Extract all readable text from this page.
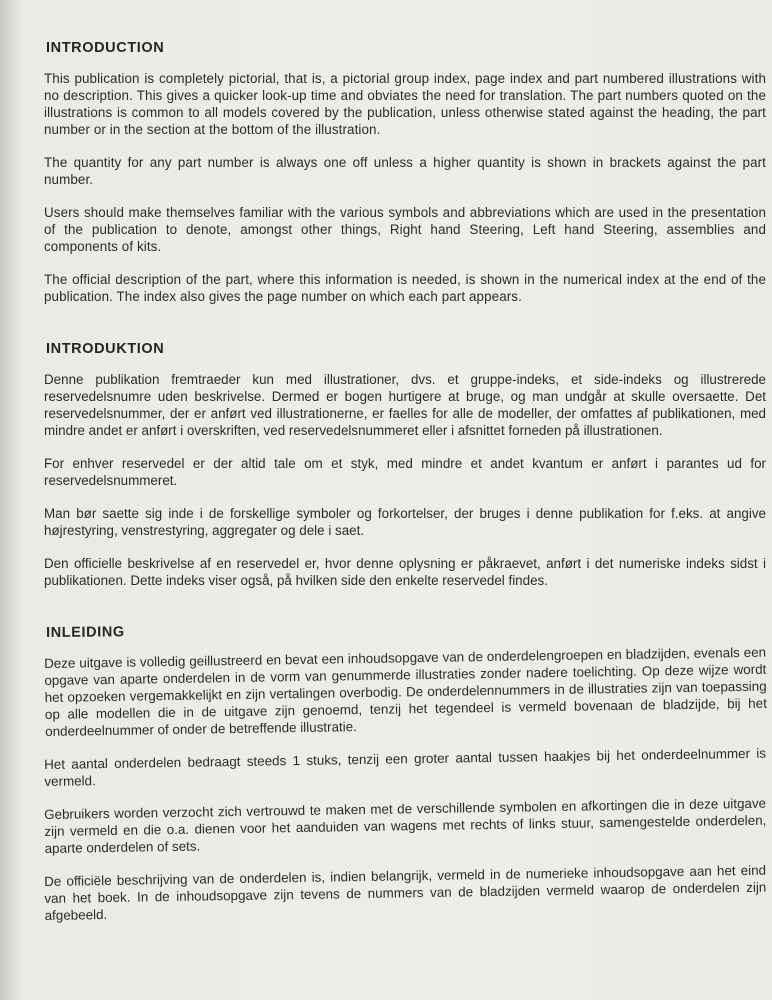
INTRODUCTION

This publication is completely pictorial, that is, a pictorial group index, page index and part numbered illustrations with no description. This gives a quicker look-up time and obviates the need for translation. The part numbers quoted on the illustrations is common to all models covered by the publication, unless otherwise stated against the heading, the part number or in the section at the bottom of the illustration.

The quantity for any part number is always one off unless a higher quantity is shown in brackets against the part number.

Users should make themselves familiar with the various symbols and abbreviations which are used in the presentation of the publication to denote, amongst other things, Right hand Steering, Left hand Steering, assemblies and components of kits.

The official description of the part, where this information is needed, is shown in the numerical index at the end of the publication. The index also gives the page number on which each part appears.

INTRODUKTION

Denne publikation fremtraeder kun med illustrationer, dvs. et gruppe-indeks, et side-indeks og illustrerede reservedelsnumre uden beskrivelse. Dermed er bogen hurtigere at bruge, og man undgår at skulle oversaette. Det reservedelsnummer, der er anført ved illustrationerne, er faelles for alle de modeller, der omfattes af publikationen, med mindre andet er anført i overskriften, ved reservedelsnummeret eller i afsnittet forneden på illustrationen.

For enhver reservedel er der altid tale om et styk, med mindre et andet kvantum er anført i parantes ud for reservedelsnummeret.

Man bør saette sig inde i de forskellige symboler og forkortelser, der bruges i denne publikation for f.eks. at angive højrestyring, venstrestyring, aggregater og dele i saet.

Den officielle beskrivelse af en reservedel er, hvor denne oplysning er påkraevet, anført i det numeriske indeks sidst i publikationen. Dette indeks viser også, på hvilken side den enkelte reservedel findes.

INLEIDING

Deze uitgave is volledig geillustreerd en bevat een inhoudsopgave van de onderdelengroepen en bladzijden, evenals een opgave van aparte onderdelen in de vorm van genummerde illustraties zonder nadere toelichting. Op deze wijze wordt het opzoeken vergemakkelijkt en zijn vertalingen overbodig. De onderdelennummers in de illustraties zijn van toepassing op alle modellen die in de uitgave zijn genoemd, tenzij het tegendeel is vermeld bovenaan de bladzijde, bij het onderdeelnummer of onder de betreffende illustratie.

Het aantal onderdelen bedraagt steeds 1 stuks, tenzij een groter aantal tussen haakjes bij het onderdeelnummer is vermeld.

Gebruikers worden verzocht zich vertrouwd te maken met de verschillende symbolen en afkortingen die in deze uitgave zijn vermeld en die o.a. dienen voor het aanduiden van wagens met rechts of links stuur, samengestelde onderdelen, aparte onderdelen of sets.

De officiële beschrijving van de onderdelen is, indien belangrijk, vermeld in de numerieke inhoudsopgave aan het eind van het boek. In de inhoudsopgave zijn tevens de nummers van de bladzijden vermeld waarop de onderdelen zijn afgebeeld.
